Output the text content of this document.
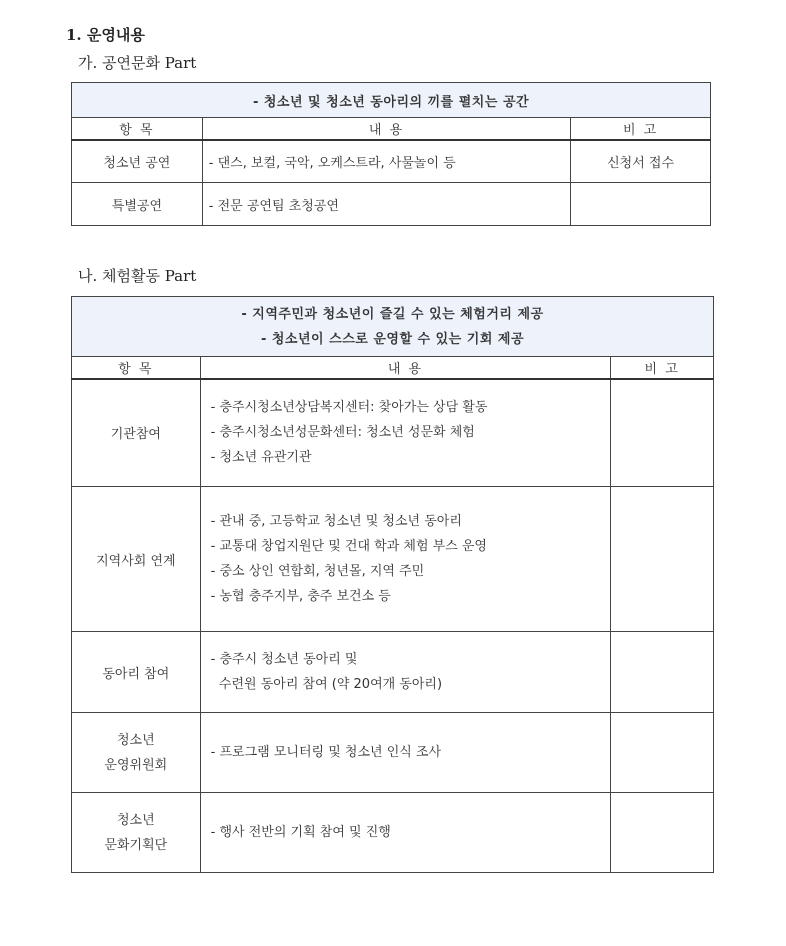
1. 운영내용
가. 공연문화 Part
- 청소년 및 청소년 동아리의 끼를 펼치는 공간		
항 목	내 용	비 고
청소년 공연	- 댄스, 보컬, 국악, 오케스트라, 사물놀이 등	신청서 접수
특별공연	- 전문 공연팀 초청공연	
나. 체험활동 Part
- 지역주민과 청소년이 즐길 수 있는 체험거리 제공
- 청소년이 스스로 운영할 수 있는 기회 제공		

항 목	내 용	비 고

기관참여	- 충주시청소년상담복지센터: 찾아가는 상담 활동
- 충주시청소년성문화센터: 청소년 성문화 체험
- 청소년 유관기관	

지역사회 연계	- 관내 중, 고등학교 청소년 및 청소년 동아리
- 교통대 창업지원단 및 건대 학과 체험 부스 운영
- 중소 상인 연합회, 청년몰, 지역 주민
- 농협 충주지부, 충주 보건소 등	

동아리 참여	- 충주시 청소년 동아리 및
수련원 동아리 참여 (약 20여개 동아리)	

청소년
운영위원회	- 프로그램 모니터링 및 청소년 인식 조사	

청소년
문화기획단	- 행사 전반의 기획 참여 및 진행	
